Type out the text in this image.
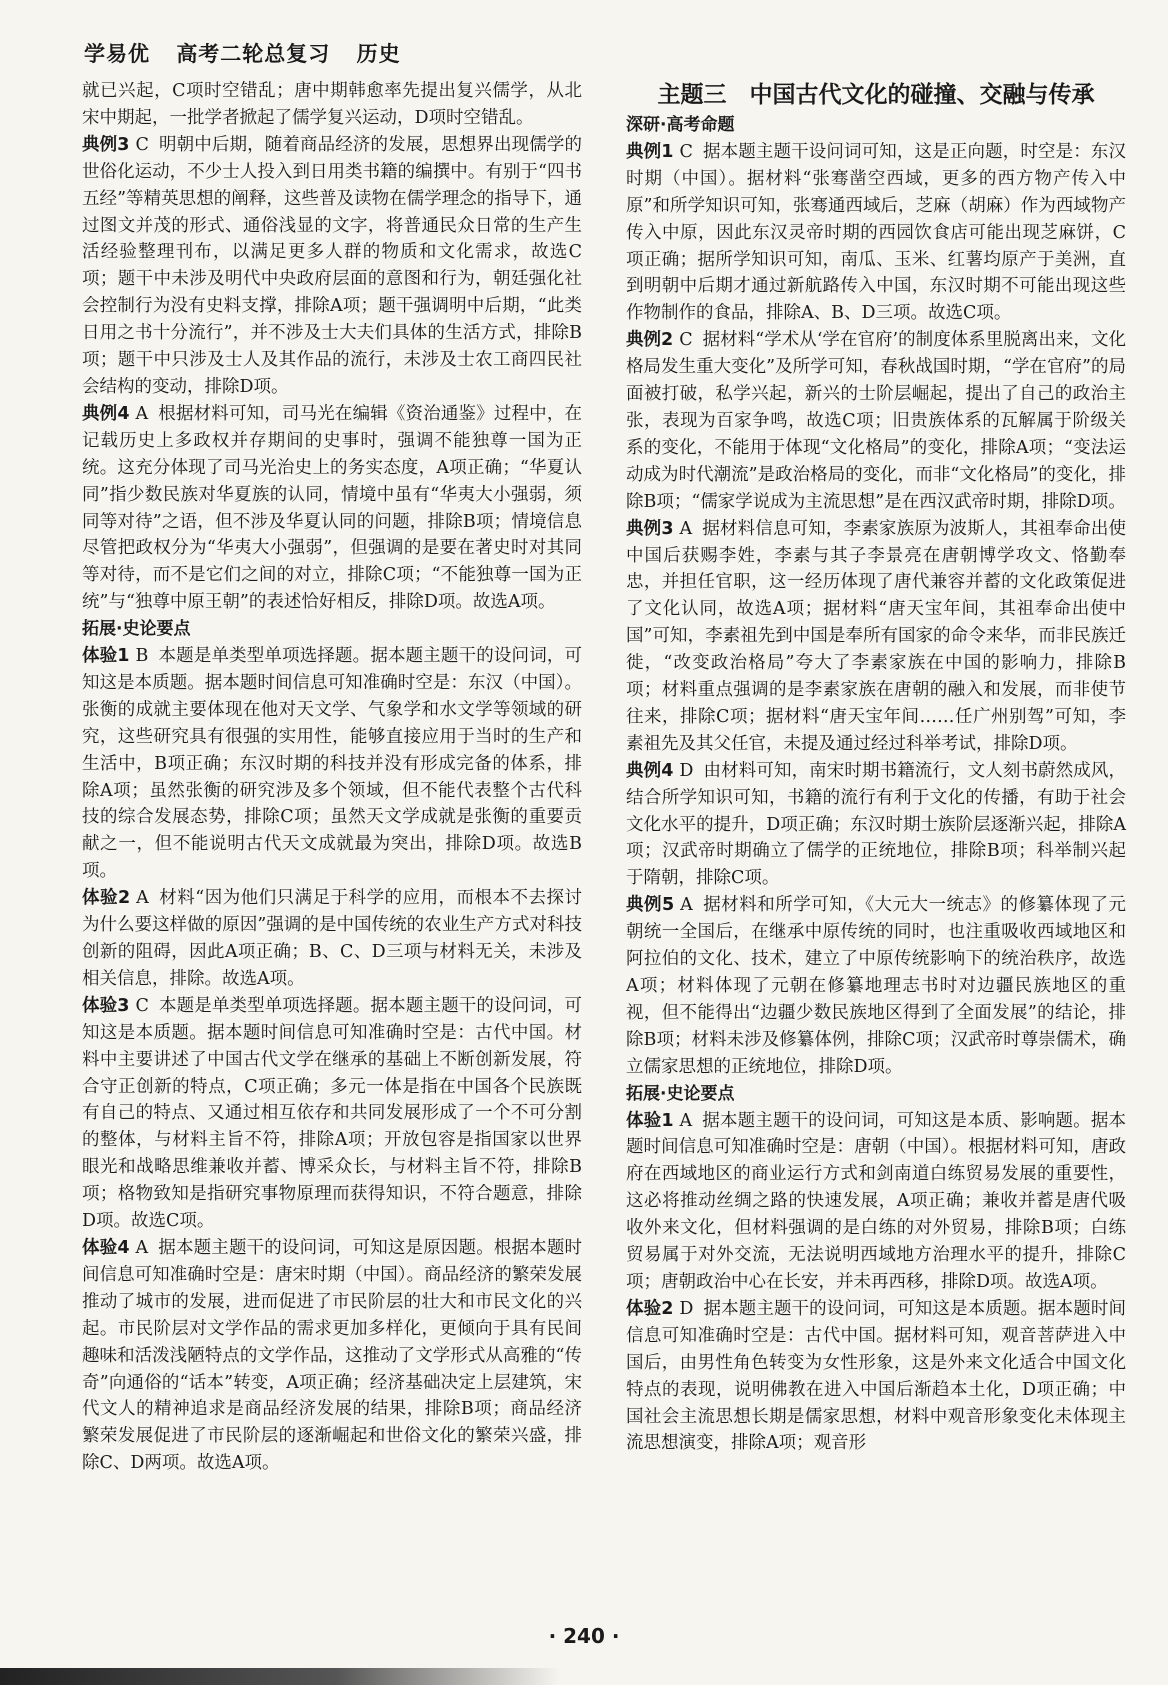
学易优 高考二轮总复习 历史

就已兴起，C项时空错乱；唐中期韩愈率先提出复兴儒学，从北宋中期起，一批学者掀起了儒学复兴运动，D项时空错乱。

典例3 C 明朝中后期，随着商品经济的发展，思想界出现儒学的世俗化运动，不少士人投入到日用类书籍的编撰中。有别于“四书五经”等精英思想的阐释，这些普及读物在儒学理念的指导下，通过图文并茂的形式、通俗浅显的文字，将普通民众日常的生产生活经验整理刊布，以满足更多人群的物质和文化需求，故选C项；题干中未涉及明代中央政府层面的意图和行为，朝廷强化社会控制行为没有史料支撑，排除A项；题干强调明中后期，“此类日用之书十分流行”，并不涉及士大夫们具体的生活方式，排除B项；题干中只涉及士人及其作品的流行，未涉及士农工商四民社会结构的变动，排除D项。

典例4 A 根据材料可知，司马光在编辑《资治通鉴》过程中，在记载历史上多政权并存期间的史事时，强调不能独尊一国为正统。这充分体现了司马光治史上的务实态度，A项正确；“华夏认同”指少数民族对华夏族的认同，情境中虽有“华夷大小强弱，须同等对待”之语，但不涉及华夏认同的问题，排除B项；情境信息尽管把政权分为“华夷大小强弱”，但强调的是要在著史时对其同等对待，而不是它们之间的对立，排除C项；“不能独尊一国为正统”与“独尊中原王朝”的表述恰好相反，排除D项。故选A项。

拓展·史论要点

体验1 B 本题是单类型单项选择题。据本题主题干的设问词，可知这是本质题。据本题时间信息可知准确时空是：东汉（中国）。张衡的成就主要体现在他对天文学、气象学和水文学等领域的研究，这些研究具有很强的实用性，能够直接应用于当时的生产和生活中，B项正确；东汉时期的科技并没有形成完备的体系，排除A项；虽然张衡的研究涉及多个领域，但不能代表整个古代科技的综合发展态势，排除C项；虽然天文学成就是张衡的重要贡献之一，但不能说明古代天文成就最为突出，排除D项。故选B项。

体验2 A 材料“因为他们只满足于科学的应用，而根本不去探讨为什么要这样做的原因”强调的是中国传统的农业生产方式对科技创新的阻碍，因此A项正确；B、C、D三项与材料无关，未涉及相关信息，排除。故选A项。

体验3 C 本题是单类型单项选择题。据本题主题干的设问词，可知这是本质题。据本题时间信息可知准确时空是：古代中国。材料中主要讲述了中国古代文学在继承的基础上不断创新发展，符合守正创新的特点，C项正确；多元一体是指在中国各个民族既有自己的特点、又通过相互依存和共同发展形成了一个不可分割的整体，与材料主旨不符，排除A项；开放包容是指国家以世界眼光和战略思维兼收并蓄、博采众长，与材料主旨不符，排除B项；格物致知是指研究事物原理而获得知识，不符合题意，排除D项。故选C项。

体验4 A 据本题主题干的设问词，可知这是原因题。根据本题时间信息可知准确时空是：唐宋时期（中国）。商品经济的繁荣发展推动了城市的发展，进而促进了市民阶层的壮大和市民文化的兴起。市民阶层对文学作品的需求更加多样化，更倾向于具有民间趣味和活泼浅陋特点的文学作品，这推动了文学形式从高雅的“传奇”向通俗的“话本”转变，A项正确；经济基础决定上层建筑，宋代文人的精神追求是商品经济发展的结果，排除B项；商品经济繁荣发展促进了市民阶层的逐渐崛起和世俗文化的繁荣兴盛，排除C、D两项。故选A项。

主题三　中国古代文化的碰撞、交融与传承

深研·高考命题

典例1 C 据本题主题干设问词可知，这是正向题，时空是：东汉时期（中国）。据材料“张骞凿空西域，更多的西方物产传入中原”和所学知识可知，张骞通西域后，芝麻（胡麻）作为西域物产传入中原，因此东汉灵帝时期的西园饮食店可能出现芝麻饼，C项正确；据所学知识可知，南瓜、玉米、红薯均原产于美洲，直到明朝中后期才通过新航路传入中国，东汉时期不可能出现这些作物制作的食品，排除A、B、D三项。故选C项。

典例2 C 据材料“学术从‘学在官府’的制度体系里脱离出来，文化格局发生重大变化”及所学可知，春秋战国时期，“学在官府”的局面被打破，私学兴起，新兴的士阶层崛起，提出了自己的政治主张，表现为百家争鸣，故选C项；旧贵族体系的瓦解属于阶级关系的变化，不能用于体现“文化格局”的变化，排除A项；“变法运动成为时代潮流”是政治格局的变化，而非“文化格局”的变化，排除B项；“儒家学说成为主流思想”是在西汉武帝时期，排除D项。

典例3 A 据材料信息可知，李素家族原为波斯人，其祖奉命出使中国后获赐李姓，李素与其子李景亮在唐朝博学攻文、恪勤奉忠，并担任官职，这一经历体现了唐代兼容并蓄的文化政策促进了文化认同，故选A项；据材料“唐天宝年间，其祖奉命出使中国”可知，李素祖先到中国是奉所有国家的命令来华，而非民族迁徙，“改变政治格局”夸大了李素家族在中国的影响力，排除B项；材料重点强调的是李素家族在唐朝的融入和发展，而非使节往来，排除C项；据材料“唐天宝年间……任广州别驾”可知，李素祖先及其父任官，未提及通过经过科举考试，排除D项。

典例4 D 由材料可知，南宋时期书籍流行，文人刻书蔚然成风，结合所学知识可知，书籍的流行有利于文化的传播，有助于社会文化水平的提升，D项正确；东汉时期士族阶层逐渐兴起，排除A项；汉武帝时期确立了儒学的正统地位，排除B项；科举制兴起于隋朝，排除C项。

典例5 A 据材料和所学可知，《大元大一统志》的修纂体现了元朝统一全国后，在继承中原传统的同时，也注重吸收西域地区和阿拉伯的文化、技术，建立了中原传统影响下的统治秩序，故选A项；材料体现了元朝在修纂地理志书时对边疆民族地区的重视，但不能得出“边疆少数民族地区得到了全面发展”的结论，排除B项；材料未涉及修纂体例，排除C项；汉武帝时尊崇儒术，确立儒家思想的正统地位，排除D项。

拓展·史论要点

体验1 A 据本题主题干的设问词，可知这是本质、影响题。据本题时间信息可知准确时空是：唐朝（中国）。根据材料可知，唐政府在西域地区的商业运行方式和剑南道白练贸易发展的重要性，这必将推动丝绸之路的快速发展，A项正确；兼收并蓄是唐代吸收外来文化，但材料强调的是白练的对外贸易，排除B项；白练贸易属于对外交流，无法说明西域地方治理水平的提升，排除C项；唐朝政治中心在长安，并未再西移，排除D项。故选A项。

体验2 D 据本题主题干的设问词，可知这是本质题。据本题时间信息可知准确时空是：古代中国。据材料可知，观音菩萨进入中国后，由男性角色转变为女性形象，这是外来文化适合中国文化特点的表现，说明佛教在进入中国后渐趋本土化，D项正确；中国社会主流思想长期是儒家思想，材料中观音形象变化未体现主流思想演变，排除A项；观音形

· 240 ·
